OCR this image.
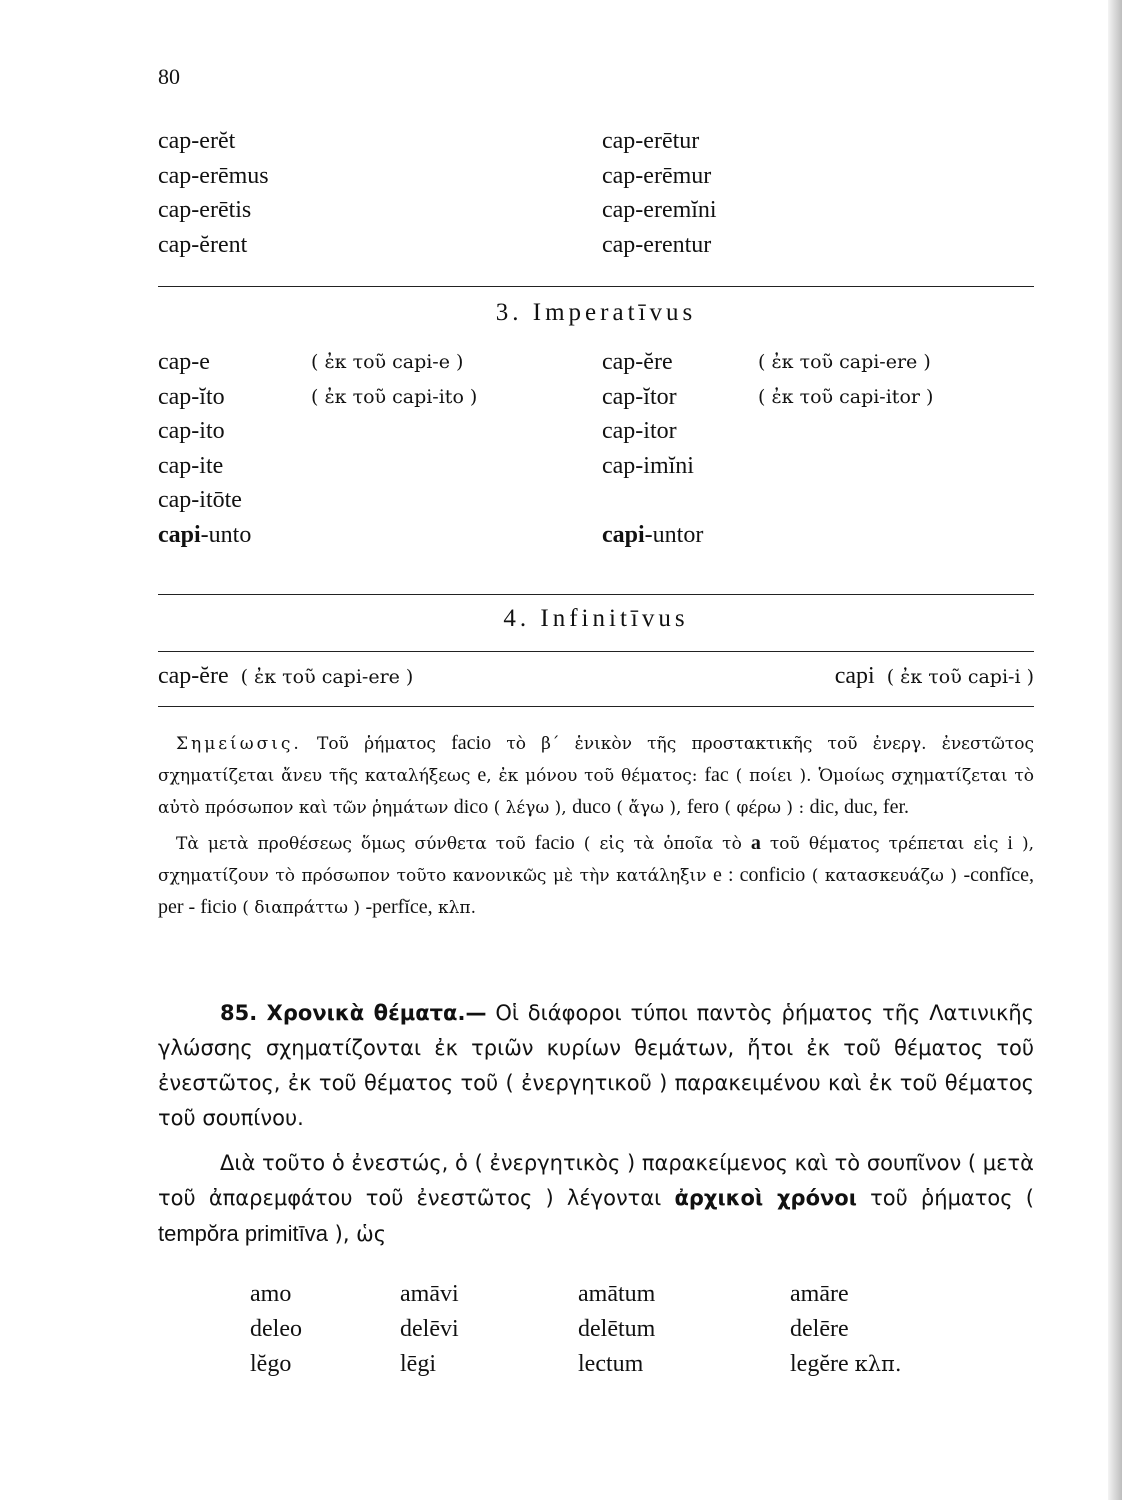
80
cap-erĕt	cap-erētur
cap-erēmus	cap-erēmur
cap-erētis	cap-eremĭni
cap-ĕrent	cap-erentur
3. Imperatīvus
cap-e	( ἐκ τοῦ capi-e )	cap-ĕre	( ἐκ τοῦ capi-ere )
cap-ĭto	( ἐκ τοῦ capi-ito )	cap-ĭtor	( ἐκ τοῦ capi-itor )
cap-ito	cap-itor
cap-ite	cap-imĭni
cap-itōte
capi-unto	capi-untor
4. Infinitīvus
cap-ĕre ( ἐκ τοῦ capi-ere )	capi ( ἐκ τοῦ capi-i )

Σημείωσις. Τοῦ ῥήματος facio τὸ β΄ ἑνικὸν τῆς προστακτικῆς τοῦ ἐνεργ. ἐνεστῶτος σχηματίζεται ἄνευ τῆς καταλήξεως e, ἐκ μόνου τοῦ θέματος: fac ( ποίει ). Ὁμοίως σχηματίζεται τὸ αὐτὸ πρόσωπον καὶ τῶν ῥημάτων dico ( λέγω ), duco ( ἄγω ), fero ( φέρω ) : dic, duc, fer.

Τὰ μετὰ προθέσεως ὅμως σύνθετα τοῦ facio ( εἰς τὰ ὁποῖα τὸ a τοῦ θέματος τρέπεται εἰς i ), σχηματίζουν τὸ πρόσωπον τοῦτο κανονικῶς μὲ τὴν κατάληξιν e : conficio ( κατασκευάζω ) -confĭce, per - ficio ( διαπράττω ) -perfĭce, κλπ.

85. Χρονικὰ θέματα.— Οἱ διάφοροι τύποι παντὸς ῥήματος τῆς Λατινικῆς γλώσσης σχηματίζονται ἐκ τριῶν κυρίων θεμάτων, ἤτοι ἐκ τοῦ θέματος τοῦ ἐνεστῶτος, ἐκ τοῦ θέματος τοῦ ( ἐνεργητικοῦ ) παρακειμένου καὶ ἐκ τοῦ θέματος τοῦ σουπίνου.

Διὰ τοῦτο ὁ ἐνεστώς, ὁ ( ἐνεργητικὸς ) παρακείμενος καὶ τὸ σουπῖνον ( μετὰ τοῦ ἀπαρεμφάτου τοῦ ἐνεστῶτος ) λέγονται ἀρχικοὶ χρόνοι τοῦ ῥήματος ( tempŏra primitīva ), ὡς

amo	amāvi	amātum	amāre
deleo	delēvi	delētum	delēre
lĕgo	lēgi	lectum	legĕre κλπ.
